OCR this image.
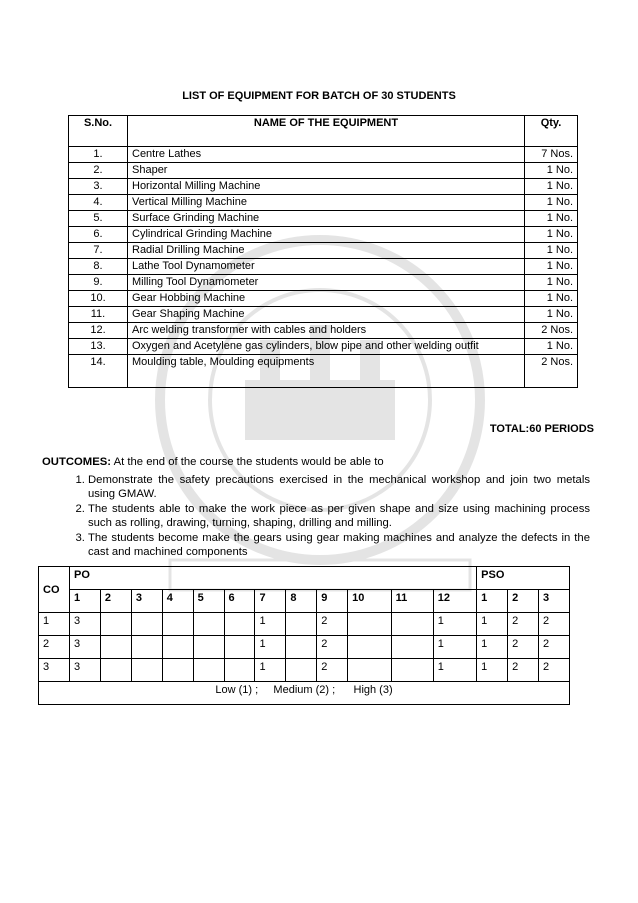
LIST OF EQUIPMENT FOR BATCH OF 30 STUDENTS
S.No.	NAME OF THE EQUIPMENT	Qty.
1.	Centre Lathes	7 Nos.
2.	Shaper	1 No.
3.	Horizontal Milling Machine	1 No.
4.	Vertical Milling Machine	1 No.
5.	Surface Grinding Machine	1 No.
6.	Cylindrical Grinding Machine	1 No.
7.	Radial Drilling Machine	1 No.
8.	Lathe Tool Dynamometer	1 No.
9.	Milling Tool Dynamometer	1 No.
10.	Gear Hobbing Machine	1 No.
11.	Gear Shaping Machine	1 No.
12.	Arc welding transformer with cables and holders	2 Nos.
13.	Oxygen and Acetylene gas cylinders, blow pipe and other welding outfit	1 No.
14.	Moulding table, Moulding equipments	2 Nos.
TOTAL:60 PERIODS
OUTCOMES: At the end of the course the students would be able to
1. Demonstrate the safety precautions exercised in the mechanical workshop and join two metals using GMAW.
2. The students able to make the work piece as per given shape and size using machining process such as rolling, drawing, turning, shaping, drilling and milling.
3. The students become make the gears using gear making machines and analyze the defects in the cast and machined components
CO	PO												PSO		
	1	2	3	4	5	6	7	8	9	10	11	12	1	2	3
1	3						1		2			1	1	2	2
2	3						1		2			1	1	2	2
3	3						1		2			1	1	2	2
Low (1) ;     Medium (2) ;      High (3)															
